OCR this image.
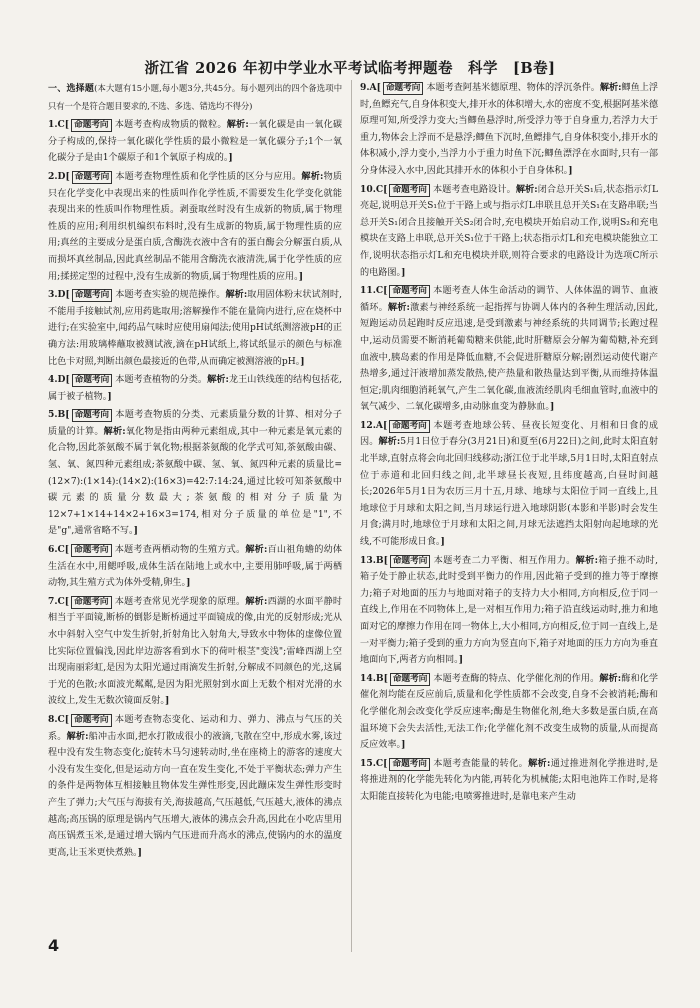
浙江省 2026 年初中学业水平考试临考押题卷　科学　[B卷]
一、选择题(本大题有15小题,每小题3分,共45分。每小题列出的四个备选项中只有一个是符合题目要求的,不选、多选、错选均不得分)
1.C[ 命题考向 本题考查构成物质的微粒。解析:一氧化碳是由一氧化碳分子构成的,保持一氧化碳化学性质的最小微粒是一氧化碳分子;1个一氧化碳分子是由1个碳原子和1个氧原子构成的。]
2.D[ 命题考向 本题考查物理性质和化学性质的区分与应用。解析:物质只在化学变化中表现出来的性质叫作化学性质,不需要发生化学变化就能表现出来的性质叫作物理性质。剥蚕取丝时没有生成新的物质,属于物理性质的应用;利用织机编织布料时,没有生成新的物质,属于物理性质的应用;真丝的主要成分是蛋白质,含酶洗衣液中含有的蛋白酶会分解蛋白质,从而损坏真丝制品,因此真丝制品不能用含酶洗衣液清洗,属于化学性质的应用;揉搓定型的过程中,没有生成新的物质,属于物理性质的应用。]
3.D[ 命题考向 本题考查实验的规范操作。解析:取用固体粉末状试剂时,不能用手接触试剂,应用药匙取用;溶解操作不能在量筒内进行,应在烧杯中进行;在实验室中,闻药品气味时应使用扇闻法;使用pH试纸测溶液pH的正确方法:用玻璃棒蘸取被测试液,滴在pH试纸上,将试纸显示的颜色与标准比色卡对照,判断出颜色最接近的色带,从而确定被测溶液的pH。]
4.D[ 命题考向 本题考查植物的分类。解析:龙王山铁线莲的结构包括花,属于被子植物。]
5.B[ 命题考向 本题考查物质的分类、元素质量分数的计算、相对分子质量的计算。解析:氧化物是指由两种元素组成,其中一种元素是氧元素的化合物,因此茶氨酸不属于氧化物;根据茶氨酸的化学式可知,茶氨酸由碳、氢、氧、氮四种元素组成;茶氨酸中碳、氢、氧、氮四种元素的质量比=(12×7):(1×14):(14×2):(16×3)=42:7:14:24,通过比较可知茶氨酸中碳元素的质量分数最大;茶氨酸的相对分子质量为12×7+1×14+14×2+16×3=174,相对分子质量的单位是"1",不是"g",通常省略不写。]
6.C[ 命题考向 本题考查两栖动物的生殖方式。解析:百山祖角蟾的幼体生活在水中,用鳃呼吸,成体生活在陆地上或水中,主要用肺呼吸,属于两栖动物,其生殖方式为体外受精,卵生。]
7.C[ 命题考向 本题考查常见光学现象的原理。解析:西湖的水面平静时相当于平面镜,断桥的倒影是断桥通过平面镜成的像,由光的反射形成;光从水中斜射入空气中发生折射,折射角比入射角大,导致水中物体的虚像位置比实际位置偏浅,因此岸边游客看到水下的荷叶根茎"变浅";雷峰西湖上空出现南丽彩虹,是因为太阳光通过雨滴发生折射,分解成不同颜色的光,这属于光的色散;水面波光粼粼,是因为阳光照射到水面上无数个相对光滑的水波纹上,发生无数次镜面反射。]
8.C[ 命题考向 本题考查物态变化、运动和力、弹力、沸点与气压的关系。解析:船冲击水面,把水打散成很小的液滴,飞散在空中,形成水雾,该过程中没有发生物态变化;旋转木马匀速转动时,坐在座椅上的游客的速度大小没有发生变化,但是运动方向一直在发生变化,不处于平衡状态;弹力产生的条件是两物体互相接触且物体发生弹性形变,因此蹦床发生弹性形变时产生了弹力;大气压与海拔有关,海拔越高,气压越低,气压越大,液体的沸点越高;高压锅的原理是锅内气压增大,液体的沸点会升高,因此在小吃店里用高压锅煮玉米,是通过增大锅内气压进而升高水的沸点,使锅内的水的温度更高,让玉米更快煮熟。]
9.A[ 命题考向 本题考查阿基米德原理、物体的浮沉条件。解析:鲫鱼上浮时,鱼鳔充气,自身体积变大,排开水的体积增大,水的密度不变,根据阿基米德原理可知,所受浮力变大;当鲫鱼悬浮时,所受浮力等于自身重力,若浮力大于重力,物体会上浮而不是悬浮;鲫鱼下沉时,鱼鳔排气,自身体积变小,排开水的体积减小,浮力变小,当浮力小于重力时鱼下沉;鲫鱼漂浮在水面时,只有一部分身体浸入水中,因此其排开水的体积小于自身体积。]
10.C[ 命题考向 本题考查电路设计。解析:闭合总开关S₁后,状态指示灯L亮起,说明总开关S₁位于干路上或与指示灯L串联且总开关S₁在支路串联;当总开关S₁闭合且接触开关S₂闭合时,充电模块开始启动工作,说明S₂和充电模块在支路上串联,总开关S₁位于干路上;状态指示灯L和充电模块能独立工作,说明状态指示灯L和充电模块并联,则符合要求的电路设计为选项C所示的电路图。]
11.C[ 命题考向 本题考查人体生命活动的调节、人体体温的调节、血液循环。解析:激素与神经系统一起指挥与协调人体内的各种生理活动,因此,短跑运动员起跑时反应迅速,是受到激素与神经系统的共同调节;长跑过程中,运动员需要不断消耗葡萄糖来供能,此时肝糖原会分解为葡萄糖,补充到血液中,胰岛素的作用是降低血糖,不会促进肝糖原分解;剧烈运动使代谢产热增多,通过汗液增加蒸发散热,使产热量和散热量达到平衡,从而维持体温恒定;肌肉细胞消耗氧气,产生二氧化碳,血液流经肌肉毛细血管时,血液中的氧气减少、二氧化碳增多,由动脉血变为静脉血。]
12.A[ 命题考向 本题考查地球公转、昼夜长短变化、月相和日食的成因。解析:5月1日位于春分(3月21日)和夏至(6月22日)之间,此时太阳直射北半球,直射点将会向北回归线移动;浙江位于北半球,5月1日时,太阳直射点位于赤道和北回归线之间,北半球昼长夜短,且纬度越高,白昼时间越长;2026年5月1日为农历三月十五,月球、地球与太阳位于同一直线上,且地球位于月球和太阳之间,当月球运行进入地球阴影(本影和半影)时会发生月食;满月时,地球位于月球和太阳之间,月球无法遮挡太阳射向起地球的光线,不可能形成日食。]
13.B[ 命题考向 本题考查二力平衡、相互作用力。解析:箱子推不动时,箱子处于静止状态,此时受到平衡力的作用,因此箱子受到的推力等于摩擦力;箱子对地面的压力与地面对箱子的支持力大小相同,方向相反,位于同一直线上,作用在不同物体上,是一对相互作用力;箱子沿直线运动时,推力和地面对它的摩擦力作用在同一物体上,大小相同,方向相反,位于同一直线上,是一对平衡力;箱子受到的重力方向为竖直向下,箱子对地面的压力方向为垂直地面向下,两者方向相同。]
14.B[ 命题考向 本题考查酶的特点、化学催化剂的作用。解析:酶和化学催化剂均能在反应前后,质量和化学性质都不会改变,自身不会被消耗;酶和化学催化剂会改变化学反应速率;酶是生物催化剂,绝大多数是蛋白质,在高温环境下会失去活性,无法工作;化学催化剂不改变生成物的质量,从而提高反应效率。]
15.C[ 命题考向 本题考查能量的转化。解析:通过推进剂化学推进时,是将推进剂的化学能先转化为内能,再转化为机械能;太阳电池阵工作时,是将太阳能直接转化为电能;电喷雾推进时,是靠电来产生动
4
